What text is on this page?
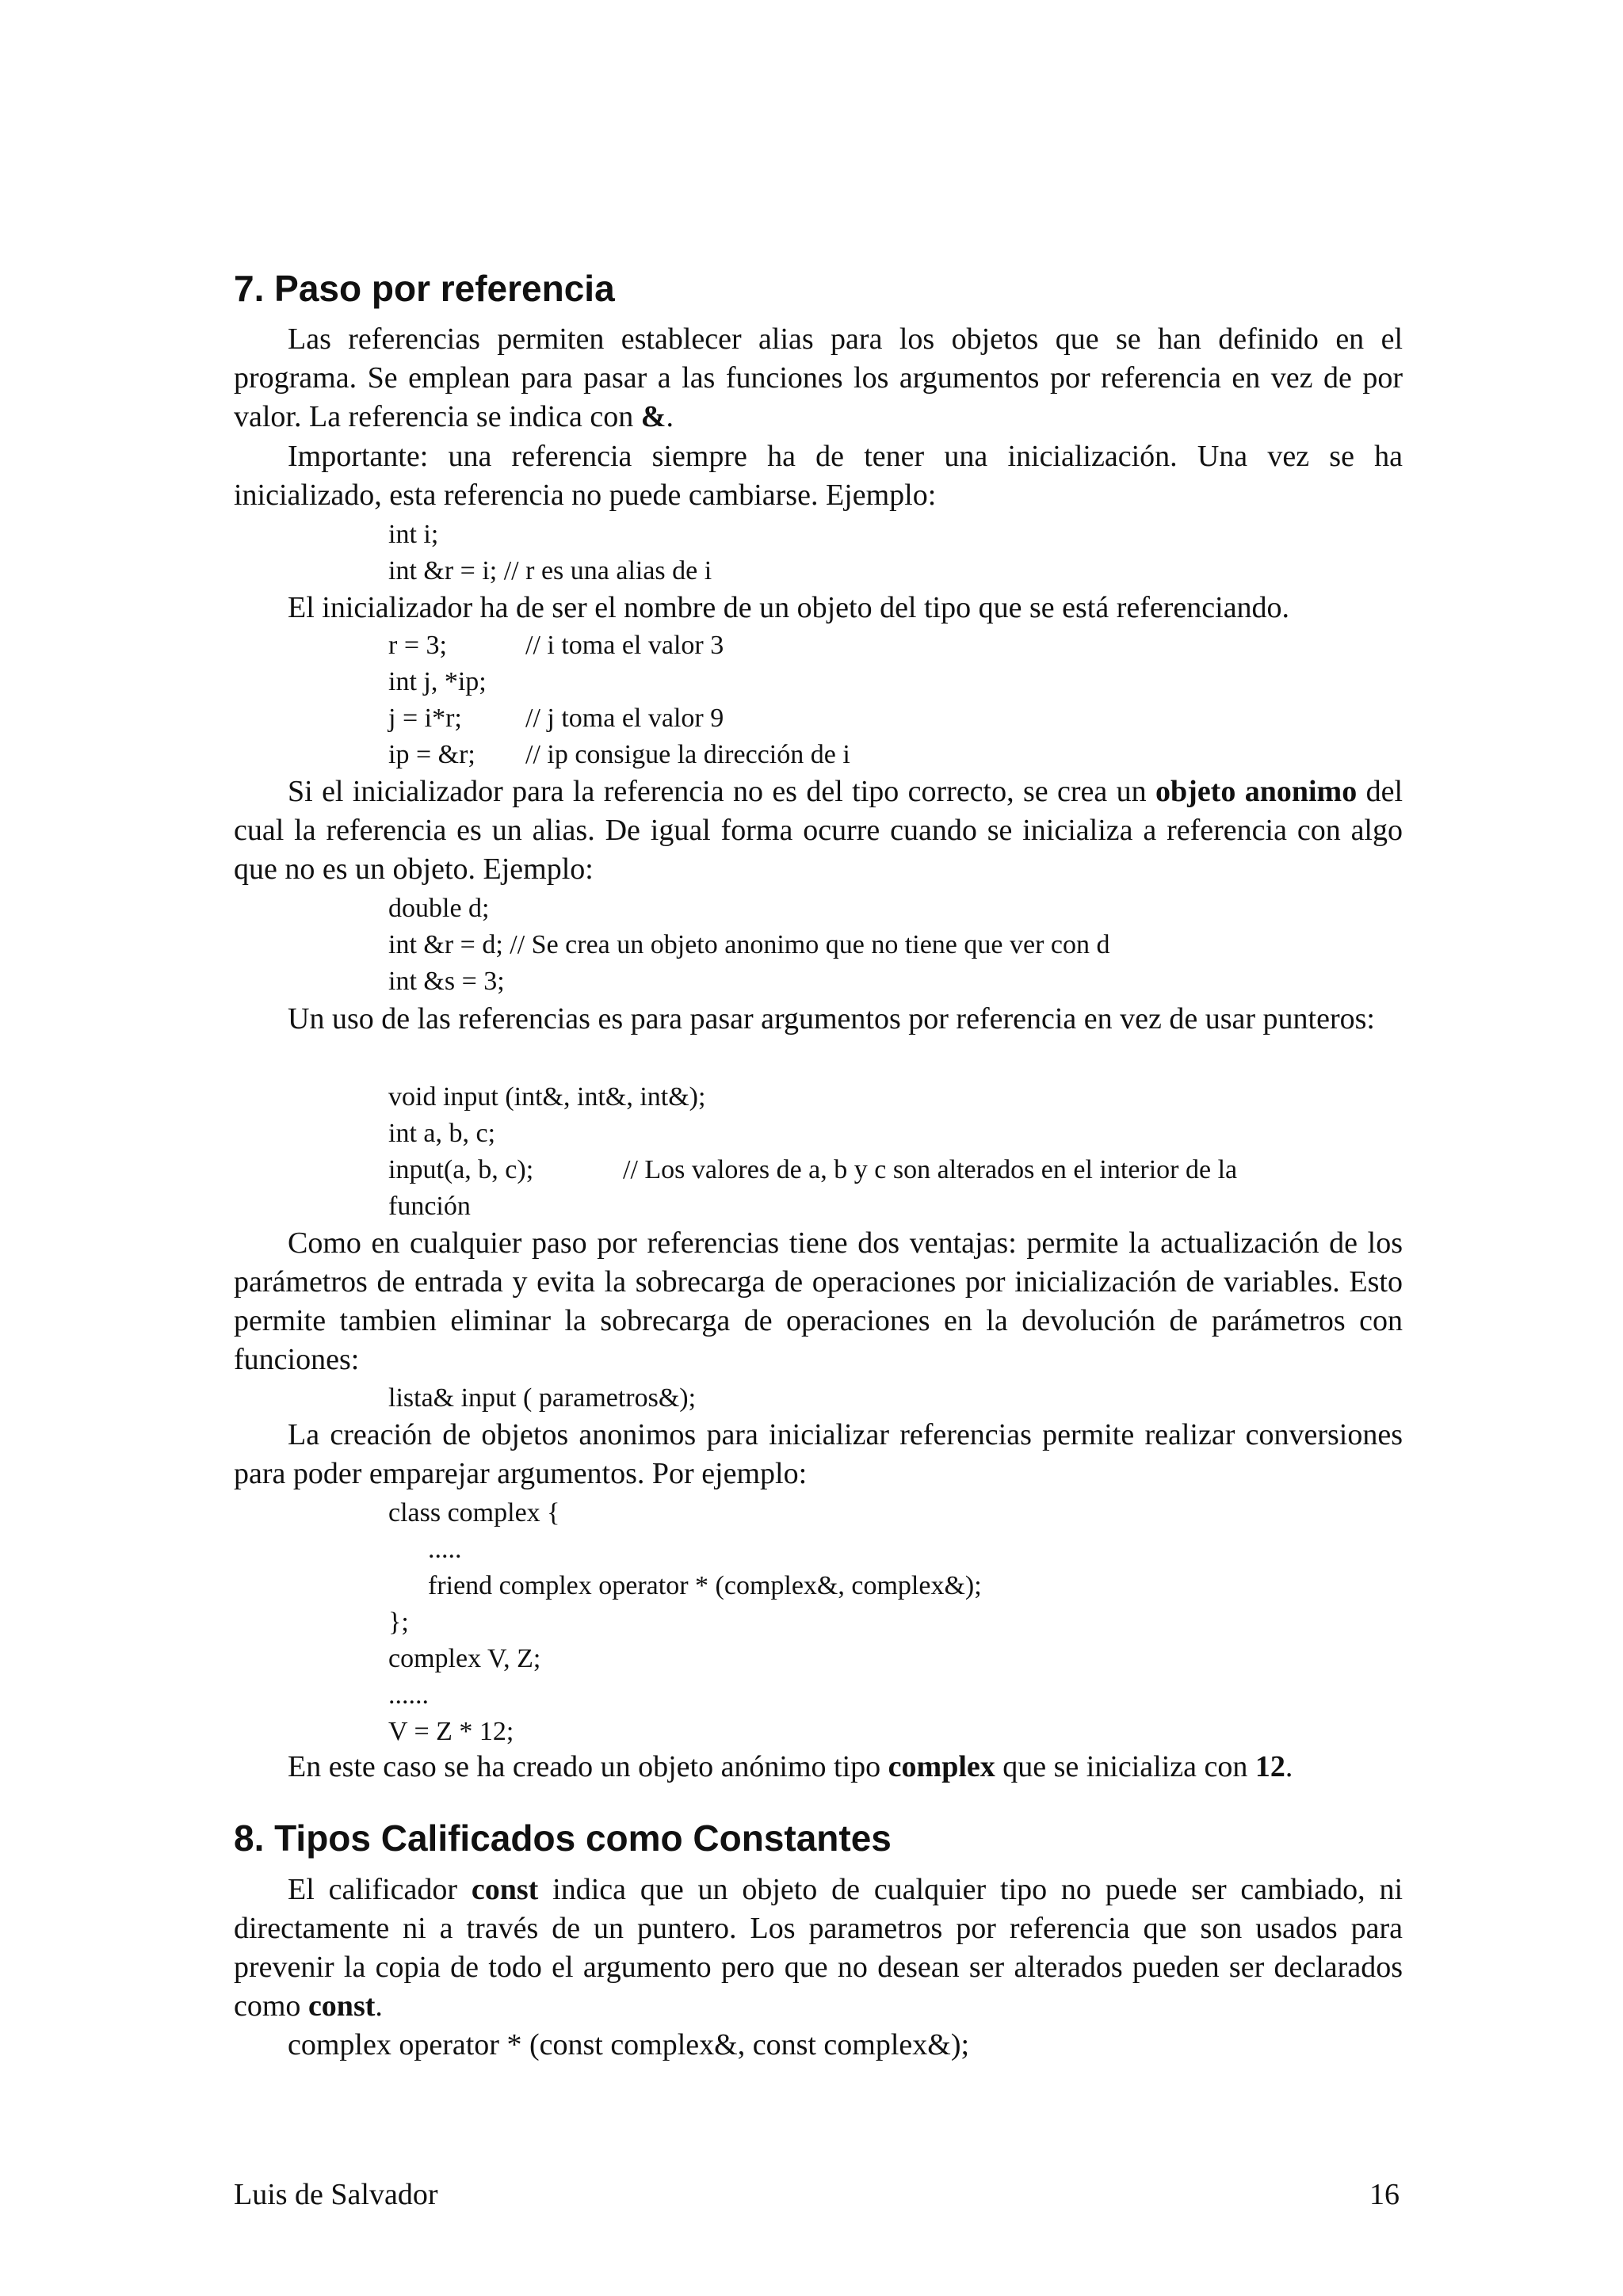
7. Paso por referencia

Las referencias permiten establecer alias para los objetos que se han definido en el programa. Se emplean para pasar a las funciones los argumentos por referencia en vez de por valor. La referencia se indica con &.

Importante: una referencia siempre ha de tener una inicialización. Una vez se ha inicializado, esta referencia no puede cambiarse. Ejemplo:

int i;
int &r = i; // r es una alias de i

El inicializador ha de ser el nombre de un objeto del tipo que se está referenciando.

r = 3;	// i toma el valor 3
int j, *ip;
j = i*r; // j toma el valor 9
ip = &r; // ip consigue la dirección de i

Si el inicializador para la referencia no es del tipo correcto, se crea un objeto anonimo del cual la referencia es un alias. De igual forma ocurre cuando se inicializa a referencia con algo que no es un objeto. Ejemplo:

double d;
int &r = d; // Se crea un objeto anonimo que no tiene que ver con d
int &s = 3;

Un uso de las referencias es para pasar argumentos por referencia en vez de usar punteros:

void input (int&, int&, int&);
int a, b, c;
input(a, b, c);	// Los valores de a, b y c son alterados en el interior de la
función

Como en cualquier paso por referencias tiene dos ventajas: permite la actualización de los parámetros de entrada y evita la sobrecarga de operaciones por inicialización de variables. Esto permite tambien eliminar la sobrecarga de operaciones en la devolución de parámetros con funciones:

lista& input ( parametros&);

La creación de objetos anonimos para inicializar referencias permite realizar conversiones para poder emparejar argumentos. Por ejemplo:

class complex {
.....
friend complex operator * (complex&, complex&);
};
complex V, Z;
......
V = Z * 12;

En este caso se ha creado un objeto anónimo tipo complex que se inicializa con 12.

8. Tipos Calificados como Constantes

El calificador const indica que un objeto de cualquier tipo no puede ser cambiado, ni directamente ni a través de un puntero. Los parametros por referencia que son usados para prevenir la copia de todo el argumento pero que no desean ser alterados pueden ser declarados como const.

complex operator * (const complex&, const complex&);

Luis de Salvador	16
